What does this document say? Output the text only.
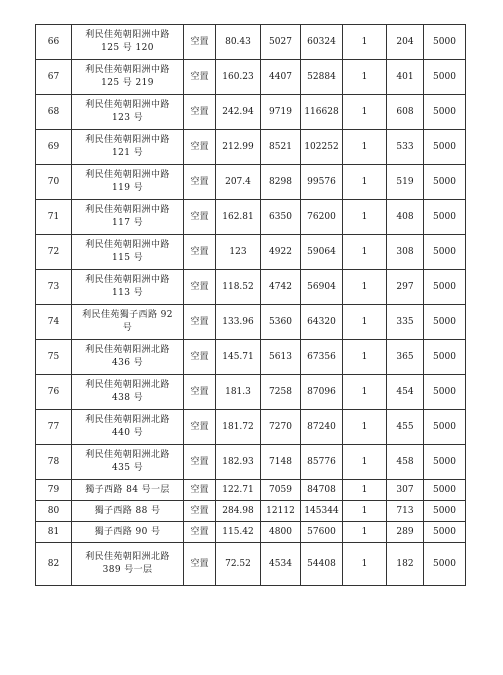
66	利民佳苑朝阳洲中路 125 号 120	空置	80.43	5027	60324	1	204	5000
67	利民佳苑朝阳洲中路 125 号 219	空置	160.23	4407	52884	1	401	5000
68	利民佳苑朝阳洲中路 123 号	空置	242.94	9719	116628	1	608	5000
69	利民佳苑朝阳洲中路 121 号	空置	212.99	8521	102252	1	533	5000
70	利民佳苑朝阳洲中路 119 号	空置	207.4	8298	99576	1	519	5000
71	利民佳苑朝阳洲中路 117 号	空置	162.81	6350	76200	1	408	5000
72	利民佳苑朝阳洲中路 115 号	空置	123	4922	59064	1	308	5000
73	利民佳苑朝阳洲中路 113 号	空置	118.52	4742	56904	1	297	5000
74	利民佳苑獨子西路 92 号	空置	133.96	5360	64320	1	335	5000
75	利民佳苑朝阳洲北路 436 号	空置	145.71	5613	67356	1	365	5000
76	利民佳苑朝阳洲北路 438 号	空置	181.3	7258	87096	1	454	5000
77	利民佳苑朝阳洲北路 440 号	空置	181.72	7270	87240	1	455	5000
78	利民佳苑朝阳洲北路 435 号	空置	182.93	7148	85776	1	458	5000
79	獨子西路 84 号一层	空置	122.71	7059	84708	1	307	5000
80	獨子西路 88 号	空置	284.98	12112	145344	1	713	5000
81	獨子西路 90 号	空置	115.42	4800	57600	1	289	5000
82	利民佳苑朝阳洲北路 389 号一层	空置	72.52	4534	54408	1	182	5000
